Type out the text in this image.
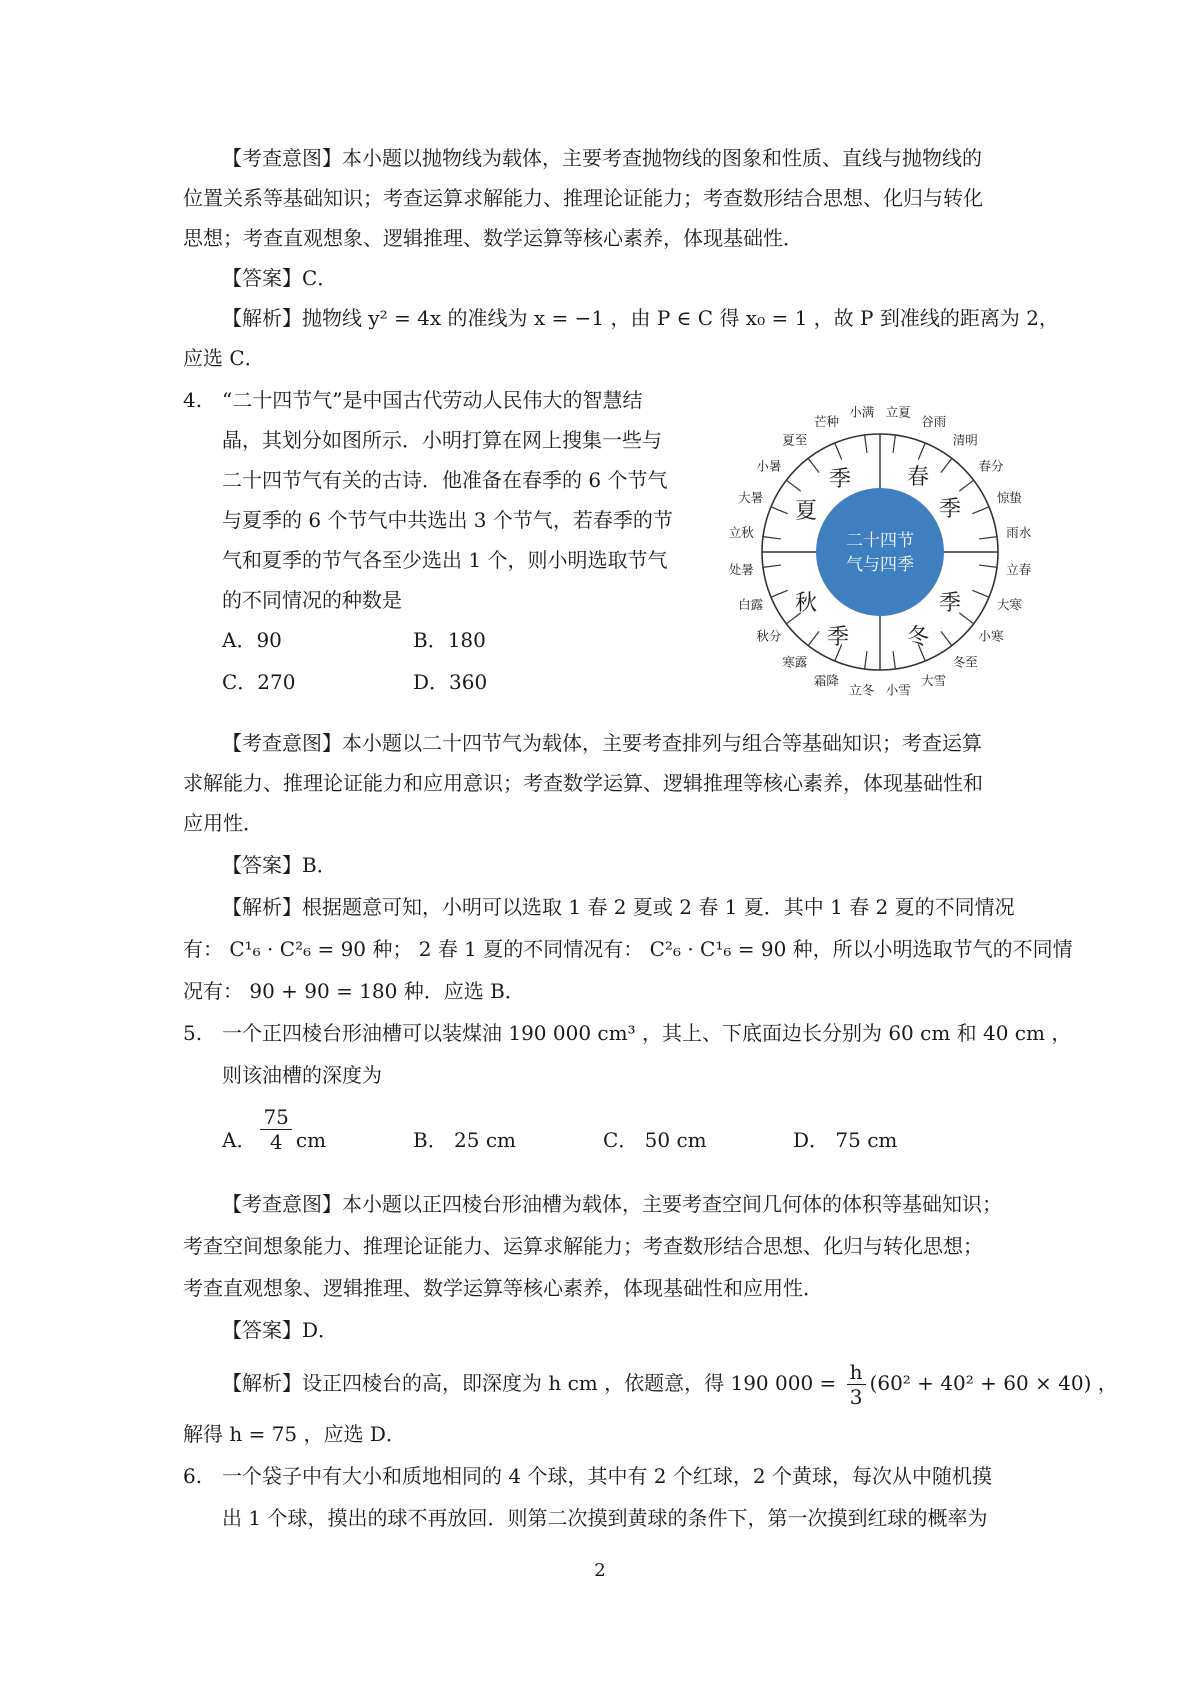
【考查意图】本小题以抛物线为载体，主要考查抛物线的图象和性质、直线与抛物线的
位置关系等基础知识；考查运算求解能力、推理论证能力；考查数形结合思想、化归与转化
思想；考查直观想象、逻辑推理、数学运算等核心素养，体现基础性．
【答案】C．
【解析】抛物线 y² = 4x 的准线为 x = −1 ，由 P ∈ C 得 x₀ = 1 ，故 P 到准线的距离为 2，
应选 C．
4. “二十四节气”是中国古代劳动人民伟大的智慧结
晶，其划分如图所示．小明打算在网上搜集一些与
二十四节气有关的古诗．他准备在春季的 6 个节气
与夏季的 6 个节气中共选出 3 个节气，若春季的节
气和夏季的节气各至少选出 1 个，则小明选取节气
的不同情况的种数是
A．90	B．180
C．270	D．360
二十四节
气与四季
春
季
季
夏
秋
季
季
冬
立夏
谷雨
清明
春分
惊蛰
雨水
立春
大寒
小寒
冬至
大雪
小雪
立冬
霜降
寒露
秋分
白露
处暑
立秋
大暑
小暑
夏至
芒种
小满
【考查意图】本小题以二十四节气为载体，主要考查排列与组合等基础知识；考查运算
求解能力、推理论证能力和应用意识；考查数学运算、逻辑推理等核心素养，体现基础性和
应用性．
【答案】B．
【解析】根据题意可知，小明可以选取 1 春 2 夏或 2 春 1 夏．其中 1 春 2 夏的不同情况
有： C¹₆ · C²₆ = 90 种； 2 春 1 夏的不同情况有： C²₆ · C¹₆ = 90 种，所以小明选取节气的不同情
况有： 90 + 90 = 180 种．应选 B．
5. 一个正四棱台形油槽可以装煤油 190 000 cm³ ，其上、下底面边长分别为 60 cm 和 40 cm ，
则该油槽的深度为
A． $\frac{75}{4}$ cm	B． 25 cm	C． 50 cm	D． 75 cm
【考查意图】本小题以正四棱台形油槽为载体，主要考查空间几何体的体积等基础知识；
考查空间想象能力、推理论证能力、运算求解能力；考查数形结合思想、化归与转化思想；
考查直观想象、逻辑推理、数学运算等核心素养，体现基础性和应用性．
【答案】D．
【解析】设正四棱台的高，即深度为 h cm ，依题意，得 190 $000 = \frac{h}{3} (60^2 + 40^2 + 60 \times 40)$ ，
解得 h = 75 ，应选 D．
6. 一个袋子中有大小和质地相同的 4 个球，其中有 2 个红球，2 个黄球，每次从中随机摸
出 1 个球，摸出的球不再放回．则第二次摸到黄球的条件下，第一次摸到红球的概率为
2
